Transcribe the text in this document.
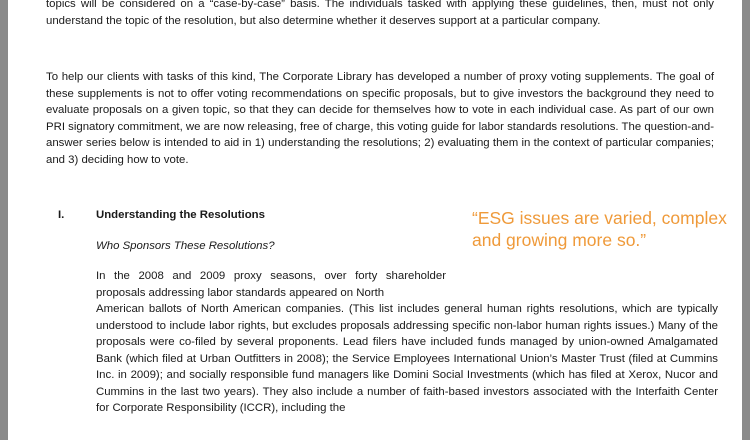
topics will be considered on a “case-by-case” basis. The individuals tasked with applying these guidelines, then, must not only understand the topic of the resolution, but also determine whether it deserves support at a particular company.

To help our clients with tasks of this kind, The Corporate Library has developed a number of proxy voting supplements. The goal of these supplements is not to offer voting recommendations on specific proposals, but to give investors the background they need to evaluate proposals on a given topic, so that they can decide for themselves how to vote in each individual case. As part of our own PRI signatory commitment, we are now releasing, free of charge, this voting guide for labor standards resolutions. The question-and-answer series below is intended to aid in 1) understanding the resolutions; 2) evaluating them in the context of particular companies; and 3) deciding how to vote.

I.	Understanding the Resolutions

Who Sponsors These Resolutions?

“ESG issues are varied, complex and growing more so.”

In the 2008 and 2009 proxy seasons, over forty shareholder proposals addressing labor standards appeared on North

American ballots of North American companies. (This list includes general human rights resolutions, which are typically understood to include labor rights, but excludes proposals addressing specific non-labor human rights issues.) Many of the proposals were co-filed by several proponents. Lead filers have included funds managed by union-owned Amalgamated Bank (which filed at Urban Outfitters in 2008); the Service Employees International Union’s Master Trust (filed at Cummins Inc. in 2009); and socially responsible fund managers like Domini Social Investments (which has filed at Xerox, Nucor and Cummins in the last two years). They also include a number of faith-based investors associated with the Interfaith Center for Corporate Responsibility (ICCR), including the
